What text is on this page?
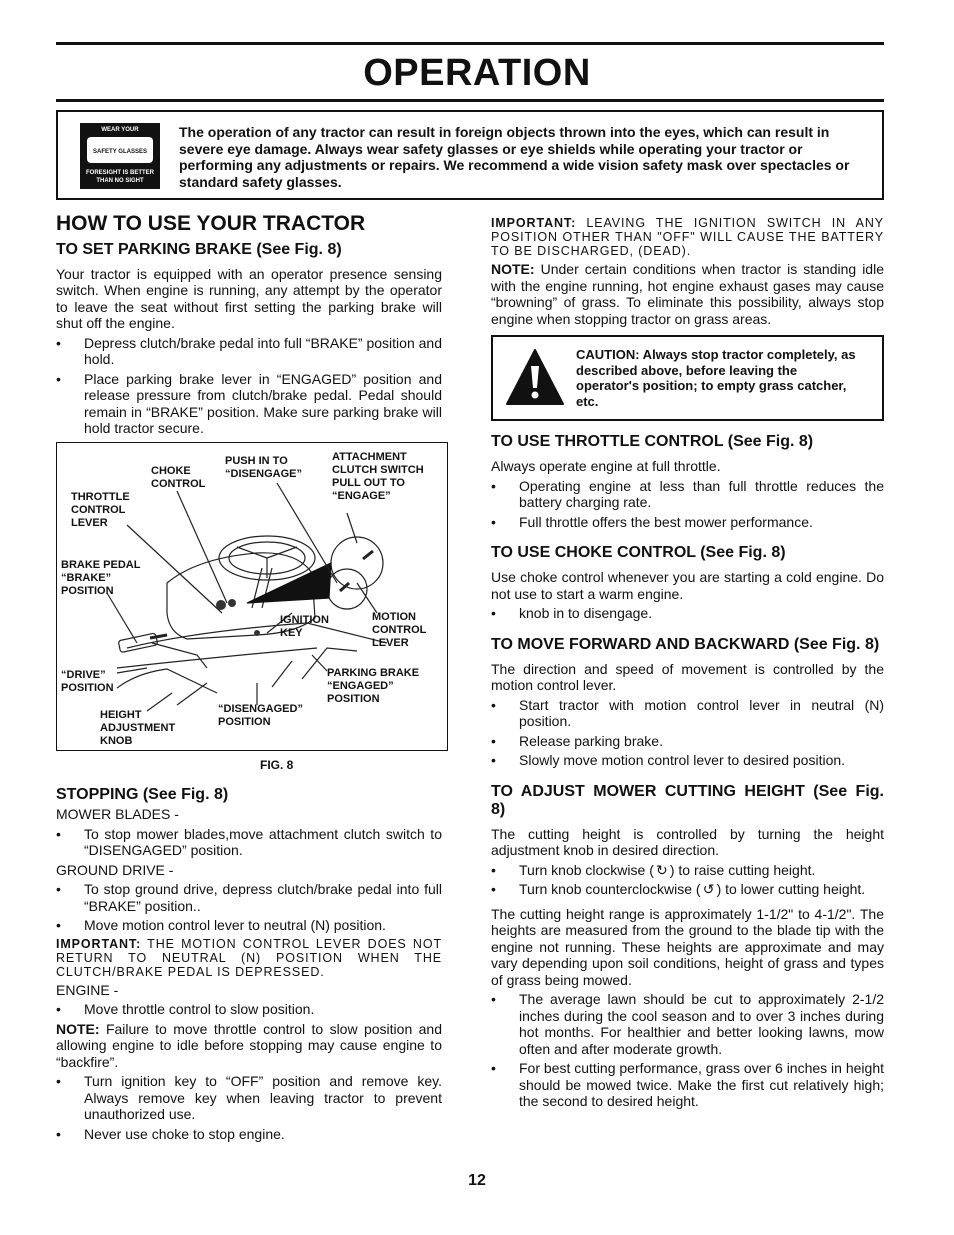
OPERATION
WEAR YOUR
SAFETY GLASSES
FORESIGHT IS BETTER
THAN NO SIGHT
The operation of any tractor can result in foreign objects thrown into the eyes, which can result in severe eye damage. Always wear safety glasses or eye shields while operating your tractor or performing any adjustments or repairs. We recommend a wide vision safety mask over spectacles or standard safety glasses.
HOW TO USE YOUR TRACTOR
TO SET PARKING BRAKE (See Fig. 8)

Your tractor is equipped with an operator presence sensing switch. When engine is running, any attempt by the operator to leave the seat without first setting the parking brake will shut off the engine.

• Depress clutch/brake pedal into full “BRAKE” position and hold.
• Place parking brake lever in “ENGAGED” position and release pressure from clutch/brake pedal. Pedal should remain in “BRAKE” position. Make sure parking brake will hold tractor secure.
THROTTLE
CONTROL
LEVER
CHOKE
CONTROL
PUSH IN TO
“DISENGAGE”
ATTACHMENT
CLUTCH SWITCH
PULL OUT TO
“ENGAGE”
BRAKE PEDAL
“BRAKE”
POSITION
IGNITION
KEY
MOTION
CONTROL
LEVER
“DRIVE”
POSITION
PARKING BRAKE
“ENGAGED”
POSITION
HEIGHT
ADJUSTMENT
KNOB
“DISENGAGED”
POSITION
FIG. 8
STOPPING (See Fig. 8)

MOWER BLADES -

• To stop mower blades,move attachment clutch switch to “DISENGAGED” position.

GROUND DRIVE -

• To stop ground drive, depress clutch/brake pedal into full “BRAKE” position..
• Move motion control lever to neutral (N) position.

IMPORTANT: THE MOTION CONTROL LEVER DOES NOT RETURN TO NEUTRAL (N) POSITION WHEN THE CLUTCH/BRAKE PEDAL IS DEPRESSED.

ENGINE -

• Move throttle control to slow position.

NOTE: Failure to move throttle control to slow position and allowing engine to idle before stopping may cause engine to “backfire”.

• Turn ignition key to “OFF” position and remove key. Always remove key when leaving tractor to prevent unauthorized use.
• Never use choke to stop engine.

IMPORTANT: LEAVING THE IGNITION SWITCH IN ANY POSITION OTHER THAN "OFF" WILL CAUSE THE BATTERY TO BE DISCHARGED, (DEAD).

NOTE: Under certain conditions when tractor is standing idle with the engine running, hot engine exhaust gases may cause “browning” of grass. To eliminate this possibility, always stop engine when stopping tractor on grass areas.

CAUTION: Always stop tractor completely, as described above, before leaving the operator's position; to empty grass catcher, etc.
TO USE THROTTLE CONTROL (See Fig. 8)

Always operate engine at full throttle.

• Operating engine at less than full throttle reduces the battery charging rate.
• Full throttle offers the best mower performance.
TO USE CHOKE CONTROL (See Fig. 8)

Use choke control whenever you are starting a cold engine. Do not use to start a warm engine.

• knob in to disengage.
TO MOVE FORWARD AND BACKWARD (See Fig. 8)

The direction and speed of movement is controlled by the motion control lever.

• Start tractor with motion control lever in neutral (N) position.
• Release parking brake.
• Slowly move motion control lever to desired position.
TO ADJUST MOWER CUTTING HEIGHT (See Fig. 8)

The cutting height is controlled by turning the height adjustment knob in desired direction.

• Turn knob clockwise ( ↻ ) to raise cutting height.
• Turn knob counterclockwise ( ↺ ) to lower cutting height.

The cutting height range is approximately 1-1/2" to 4-1/2". The heights are measured from the ground to the blade tip with the engine not running. These heights are approximate and may vary depending upon soil conditions, height of grass and types of grass being mowed.

• The average lawn should be cut to approximately 2-1/2 inches during the cool season and to over 3 inches during hot months. For healthier and better looking lawns, mow often and after moderate growth.
• For best cutting performance, grass over 6 inches in height should be mowed twice. Make the first cut relatively high; the second to desired height.
12
